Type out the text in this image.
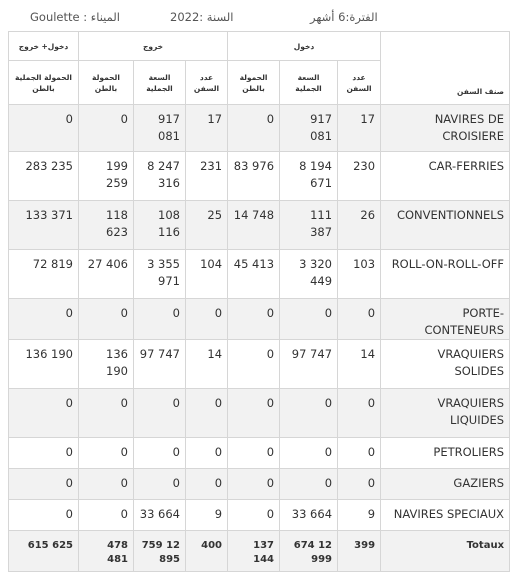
Goulette : الميناء	السنة :2022	الفترة:6 أشهر
دخول+ خروج	خروج			دخول			صنف السفن
الحمولة الجملية بالطن	الحمولة بالطن	السعة الجملية	عدد السفن	الحمولة بالطن	السعة الجملية	عدد السفن	
0	0	917 081	17	0	917 081	17	NAVIRES DE CROISIERE
283 235	199 259	8 247 316	231	83 976	8 194 671	230	CAR-FERRIES
133 371	118 623	108 116	25	14 748	111 387	26	CONVENTIONNELS
72 819	27 406	3 355 971	104	45 413	3 320 449	103	ROLL-ON-ROLL-OFF
0	0	0	0	0	0	0	PORTE-CONTENEURS
136 190	136 190	97 747	14	0	97 747	14	VRAQUIERS SOLIDES
0	0	0	0	0	0	0	VRAQUIERS LIQUIDES
0	0	0	0	0	0	0	PETROLIERS
0	0	0	0	0	0	0	GAZIERS
0	0	33 664	9	0	33 664	9	NAVIRES SPECIAUX
615 625	478 481	759 12 895	400	137 144	674 12 999	399	Totaux
